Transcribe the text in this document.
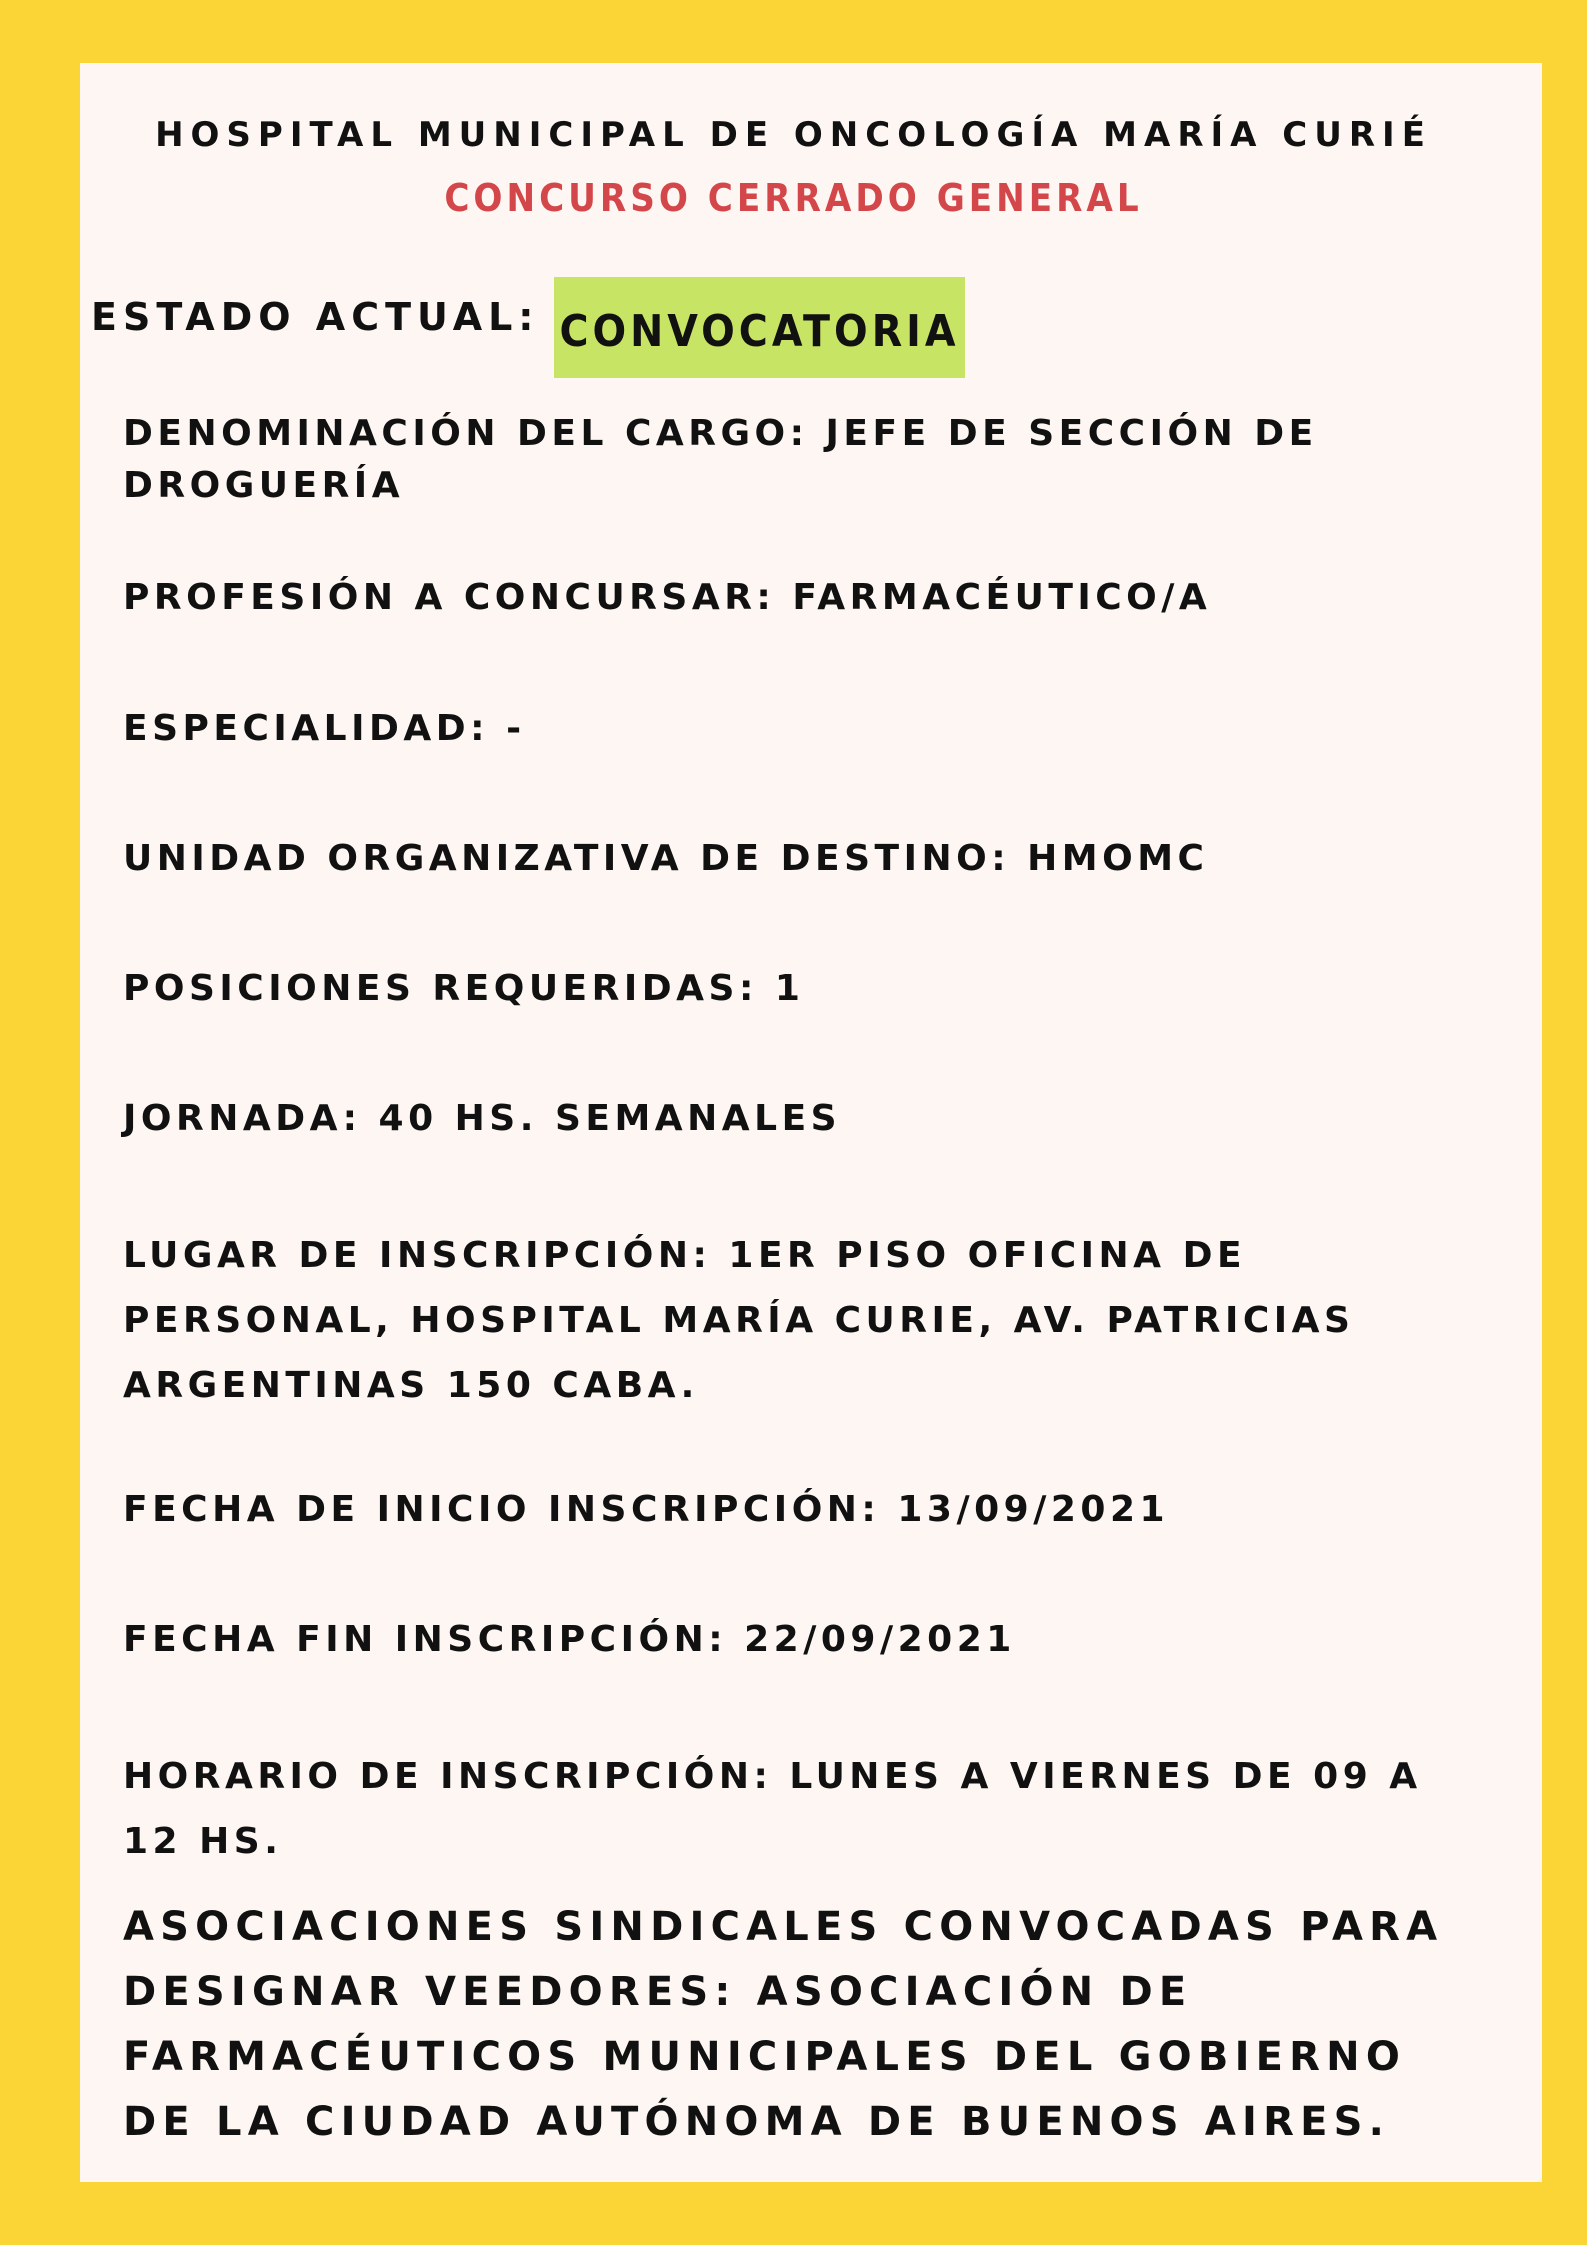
HOSPITAL MUNICIPAL DE ONCOLOGÍA MARÍA CURIÉ
CONCURSO CERRADO GENERAL
ESTADO ACTUAL: CONVOCATORIA

DENOMINACIÓN DEL CARGO: JEFE DE SECCIÓN DE DROGUERÍA

PROFESIÓN A CONCURSAR: FARMACÉUTICO/A

ESPECIALIDAD: -

UNIDAD ORGANIZATIVA DE DESTINO: HMOMC

POSICIONES REQUERIDAS: 1

JORNADA: 40 HS. SEMANALES

LUGAR DE INSCRIPCIÓN: 1ER PISO OFICINA DE PERSONAL, HOSPITAL MARÍA CURIE, AV. PATRICIAS ARGENTINAS 150 CABA.

FECHA DE INICIO INSCRIPCIÓN: 13/09/2021

FECHA FIN INSCRIPCIÓN: 22/09/2021

HORARIO DE INSCRIPCIÓN: LUNES A VIERNES DE 09 A 12 HS.

ASOCIACIONES SINDICALES CONVOCADAS PARA DESIGNAR VEEDORES: ASOCIACIÓN DE FARMACÉUTICOS MUNICIPALES DEL GOBIERNO DE LA CIUDAD AUTÓNOMA DE BUENOS AIRES.
